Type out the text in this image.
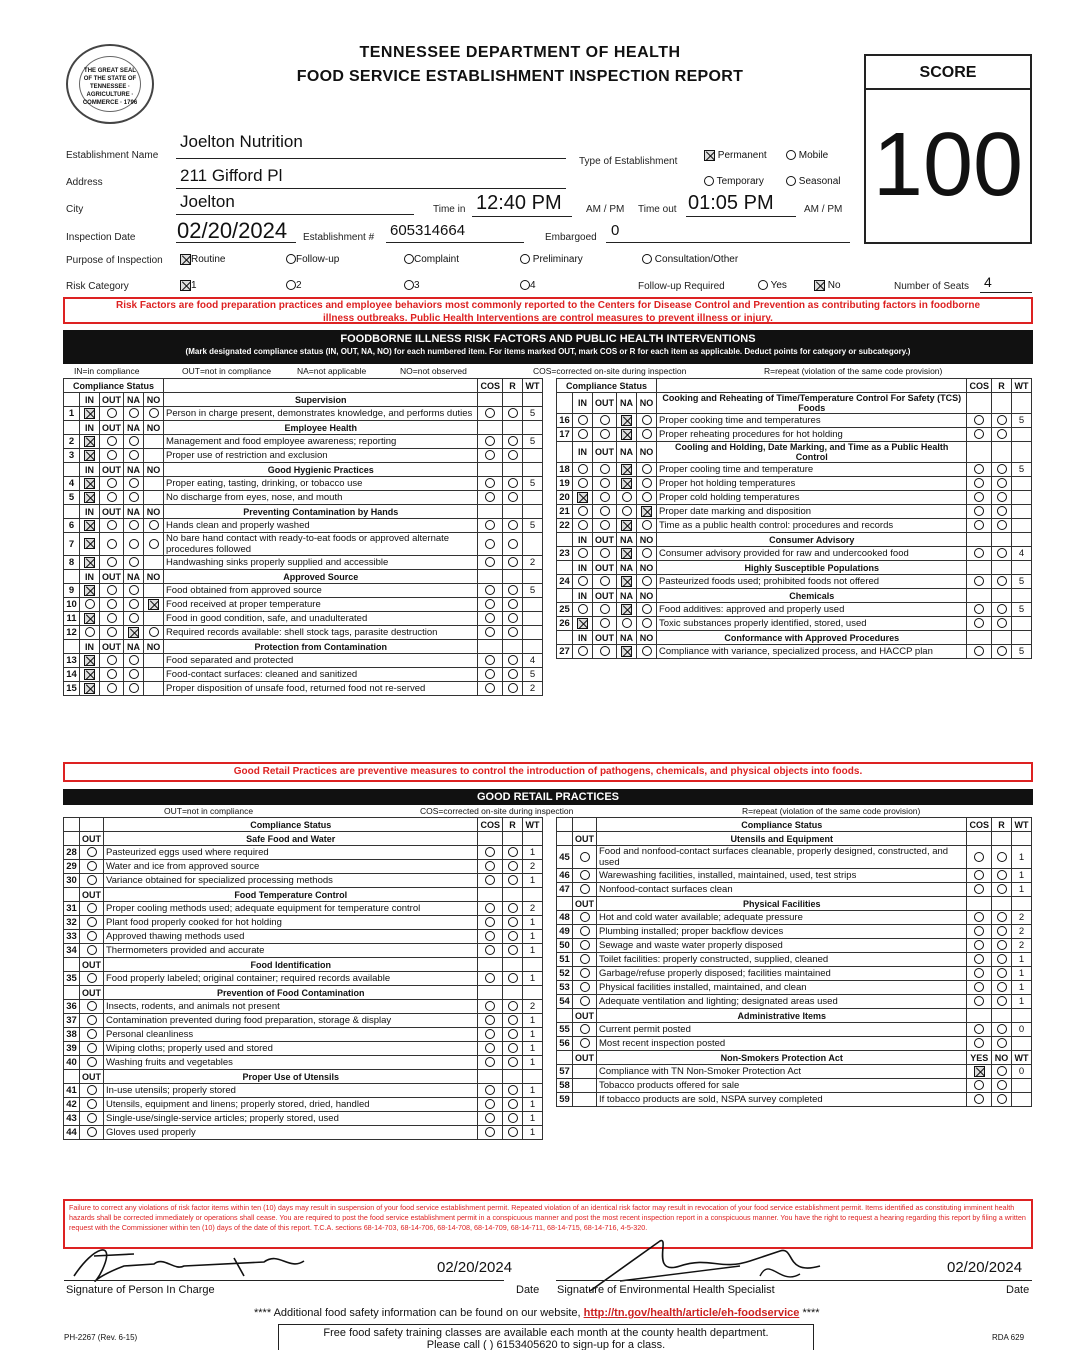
THE GREAT SEAL OF THE STATE OF TENNESSEE · AGRICULTURE · COMMERCE · 1796
TENNESSEE DEPARTMENT OF HEALTH
FOOD SERVICE ESTABLISHMENT INSPECTION REPORT	SCORE
100
Establishment Name
Joelton Nutrition
Address	211 Gifford Pl
City	Joelton
Inspection Date 02/20/2024 Establishment # 605314664
Type of Establishment
Permanent	Mobile
Temporary	Seasonal
Time in 12:40 PM AM / PM Time out 01:05 PM	AM / PM
Embargoed 0
Purpose of Inspection	Routine	Follow-up	Complaint	Preliminary	Consultation/Other
Risk Category	1	2	3	4	Follow-up Required	Yes	No	Number of Seats 4
Risk Factors are food preparation practices and employee behaviors most commonly reported to the Centers for Disease Control and Prevention as contributing factors in foodborne illness outbreaks. Public Health Interventions are control measures to prevent illness or injury.
FOODBORNE ILLNESS RISK FACTORS AND PUBLIC HEALTH INTERVENTIONS
(Mark designated compliance status (IN, OUT, NA, NO) for each numbered item. For items marked OUT, mark COS or R for each item as applicable. Deduct points for category or subcategory.)
IN=in compliance	OUT=not in compliance	NA=not applicable	NO=not observed	COS=corrected on-site during inspection	R=repeat (violation of the same code provision)
Compliance Status						COS	R	WT
	IN	OUT	NA	NO	Supervision			
1					Person in charge present, demonstrates knowledge, and performs duties			5
	IN	OUT	NA	NO	Employee Health			
2					Management and food employee awareness; reporting			5
3					Proper use of restriction and exclusion			
	IN	OUT	NA	NO	Good Hygienic Practices			
4					Proper eating, tasting, drinking, or tobacco use			5
5					No discharge from eyes, nose, and mouth			
	IN	OUT	NA	NO	Preventing Contamination by Hands			
6					Hands clean and properly washed			5
7					No bare hand contact with ready-to-eat foods or approved alternate procedures followed			
8					Handwashing sinks properly supplied and accessible			2
	IN	OUT	NA	NO	Approved Source			
9					Food obtained from approved source			5
10					Food received at proper temperature			
11					Food in good condition, safe, and unadulterated			
12					Required records available: shell stock tags, parasite destruction			
	IN	OUT	NA	NO	Protection from Contamination			
13					Food separated and protected			4
14					Food-contact surfaces: cleaned and sanitized			5
15					Proper disposition of unsafe food, returned food not re-served			2
Compliance Status						COS	R	WT
	IN	OUT	NA	NO	Cooking and Reheating of Time/Temperature Control For Safety (TCS) Foods			
16					Proper cooking time and temperatures			5
17					Proper reheating procedures for hot holding			
	IN	OUT	NA	NO	Cooling and Holding, Date Marking, and Time as a Public Health Control			
18					Proper cooling time and temperature			5
19					Proper hot holding temperatures			
20					Proper cold holding temperatures			
21					Proper date marking and disposition			
22					Time as a public health control: procedures and records			
	IN	OUT	NA	NO	Consumer Advisory			
23					Consumer advisory provided for raw and undercooked food			4
	IN	OUT	NA	NO	Highly Susceptible Populations			
24					Pasteurized foods used; prohibited foods not offered			5
	IN	OUT	NA	NO	Chemicals			
25					Food additives: approved and properly used			5
26					Toxic substances properly identified, stored, used			
	IN	OUT	NA	NO	Conformance with Approved Procedures			
27					Compliance with variance, specialized process, and HACCP plan			5
Good Retail Practices are preventive measures to control the introduction of pathogens, chemicals, and physical objects into foods.
GOOD RETAIL PRACTICES
OUT=not in compliance	COS=corrected on-site during inspection	R=repeat (violation of the same code provision)
		Compliance Status	COS	R	WT
	OUT	Safe Food and Water			
28		Pasteurized eggs used where required			1
29		Water and ice from approved source			2
30		Variance obtained for specialized processing methods			1
	OUT	Food Temperature Control			
31		Proper cooling methods used; adequate equipment for temperature control			2
32		Plant food properly cooked for hot holding			1
33		Approved thawing methods used			1
34		Thermometers provided and accurate			1
	OUT	Food Identification			
35		Food properly labeled; original container; required records available			1
	OUT	Prevention of Food Contamination			
36		Insects, rodents, and animals not present			2
37		Contamination prevented during food preparation, storage & display			1
38		Personal cleanliness			1
39		Wiping cloths; properly used and stored			1
40		Washing fruits and vegetables			1
	OUT	Proper Use of Utensils			
41		In-use utensils; properly stored			1
42		Utensils, equipment and linens; properly stored, dried, handled			1
43		Single-use/single-service articles; properly stored, used			1
44		Gloves used properly			1
		Compliance Status	COS	R	WT
	OUT	Utensils and Equipment			
45		Food and nonfood-contact surfaces cleanable, properly designed, constructed, and used			1
46		Warewashing facilities, installed, maintained, used, test strips			1
47		Nonfood-contact surfaces clean			1
	OUT	Physical Facilities			
48		Hot and cold water available; adequate pressure			2
49		Plumbing installed; proper backflow devices			2
50		Sewage and waste water properly disposed			2
51		Toilet facilities: properly constructed, supplied, cleaned			1
52		Garbage/refuse properly disposed; facilities maintained			1
53		Physical facilities installed, maintained, and clean			1
54		Adequate ventilation and lighting; designated areas used			1
	OUT	Administrative Items			
55		Current permit posted			0
56		Most recent inspection posted			
	OUT	Non-Smokers Protection Act	YES	NO	WT
57		Compliance with TN Non-Smoker Protection Act			0
58		Tobacco products offered for sale			
59		If tobacco products are sold, NSPA survey completed			
Failure to correct any violations of risk factor items within ten (10) days may result in suspension of your food service establishment permit. Repeated violation of an identical risk factor may result in revocation of your food service establishment permit. Items identified as constituting imminent health hazards shall be corrected immediately or operations shall cease. You are required to post the food service establishment permit in a conspicuous manner and post the most recent inspection report in a conspicuous manner. You have the right to request a hearing regarding this report by filing a written request with the Commissioner within ten (10) days of the date of this report. T.C.A. sections 68-14-703, 68-14-706, 68-14-708, 68-14-709, 68-14-711, 68-14-715, 68-14-716, 4-5-320.
02/20/2024
Signature of Person In Charge	Date
02/20/2024
Signature of Environmental Health Specialist	Date
**** Additional food safety information can be found on our website, http://tn.gov/health/article/eh-foodservice ****
PH-2267 (Rev. 6-15)	Free food safety training classes are available each month at the county health department.
Please call ( ) 6153405620 to sign-up for a class.
RDA 629
